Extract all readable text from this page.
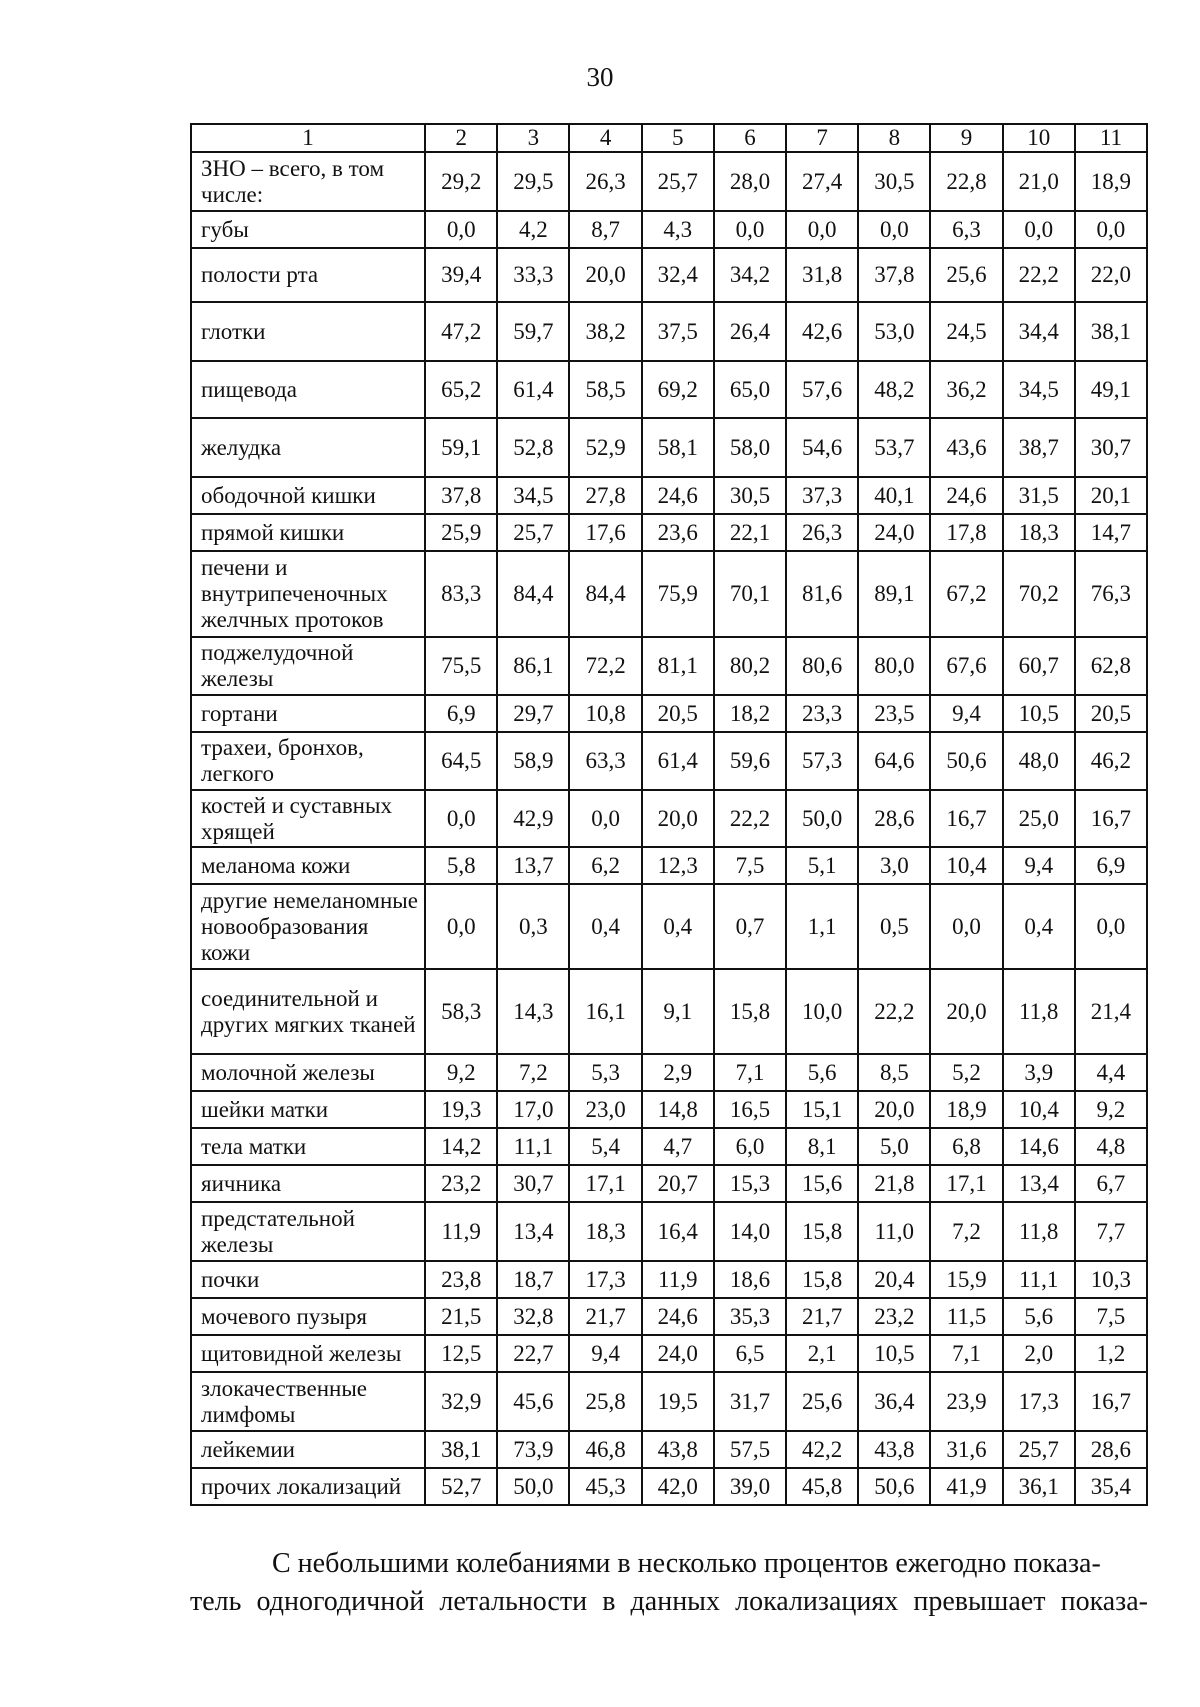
30
1	2	3	4	5	6	7	8	9	10	11
ЗНО – всего, в том числе:	29,2	29,5	26,3	25,7	28,0	27,4	30,5	22,8	21,0	18,9
губы	0,0	4,2	8,7	4,3	0,0	0,0	0,0	6,3	0,0	0,0
полости рта	39,4	33,3	20,0	32,4	34,2	31,8	37,8	25,6	22,2	22,0
глотки	47,2	59,7	38,2	37,5	26,4	42,6	53,0	24,5	34,4	38,1
пищевода	65,2	61,4	58,5	69,2	65,0	57,6	48,2	36,2	34,5	49,1
желудка	59,1	52,8	52,9	58,1	58,0	54,6	53,7	43,6	38,7	30,7
ободочной кишки	37,8	34,5	27,8	24,6	30,5	37,3	40,1	24,6	31,5	20,1
прямой кишки	25,9	25,7	17,6	23,6	22,1	26,3	24,0	17,8	18,3	14,7
печени и внутрипеченочных желчных протоков	83,3	84,4	84,4	75,9	70,1	81,6	89,1	67,2	70,2	76,3
поджелудочной железы	75,5	86,1	72,2	81,1	80,2	80,6	80,0	67,6	60,7	62,8
гортани	6,9	29,7	10,8	20,5	18,2	23,3	23,5	9,4	10,5	20,5
трахеи, бронхов, легкого	64,5	58,9	63,3	61,4	59,6	57,3	64,6	50,6	48,0	46,2
костей и суставных хрящей	0,0	42,9	0,0	20,0	22,2	50,0	28,6	16,7	25,0	16,7
меланома кожи	5,8	13,7	6,2	12,3	7,5	5,1	3,0	10,4	9,4	6,9
другие немеланомные новообразования кожи	0,0	0,3	0,4	0,4	0,7	1,1	0,5	0,0	0,4	0,0
соединительной и других мягких тканей	58,3	14,3	16,1	9,1	15,8	10,0	22,2	20,0	11,8	21,4
молочной железы	9,2	7,2	5,3	2,9	7,1	5,6	8,5	5,2	3,9	4,4
шейки матки	19,3	17,0	23,0	14,8	16,5	15,1	20,0	18,9	10,4	9,2
тела матки	14,2	11,1	5,4	4,7	6,0	8,1	5,0	6,8	14,6	4,8
яичника	23,2	30,7	17,1	20,7	15,3	15,6	21,8	17,1	13,4	6,7
предстательной железы	11,9	13,4	18,3	16,4	14,0	15,8	11,0	7,2	11,8	7,7
почки	23,8	18,7	17,3	11,9	18,6	15,8	20,4	15,9	11,1	10,3
мочевого пузыря	21,5	32,8	21,7	24,6	35,3	21,7	23,2	11,5	5,6	7,5
щитовидной железы	12,5	22,7	9,4	24,0	6,5	2,1	10,5	7,1	2,0	1,2
злокачественные лимфомы	32,9	45,6	25,8	19,5	31,7	25,6	36,4	23,9	17,3	16,7
лейкемии	38,1	73,9	46,8	43,8	57,5	42,2	43,8	31,6	25,7	28,6
прочих локализаций	52,7	50,0	45,3	42,0	39,0	45,8	50,6	41,9	36,1	35,4
С небольшими колебаниями в несколько процентов ежегодно показа-
тель одногодичной летальности в данных локализациях превышает показа-
